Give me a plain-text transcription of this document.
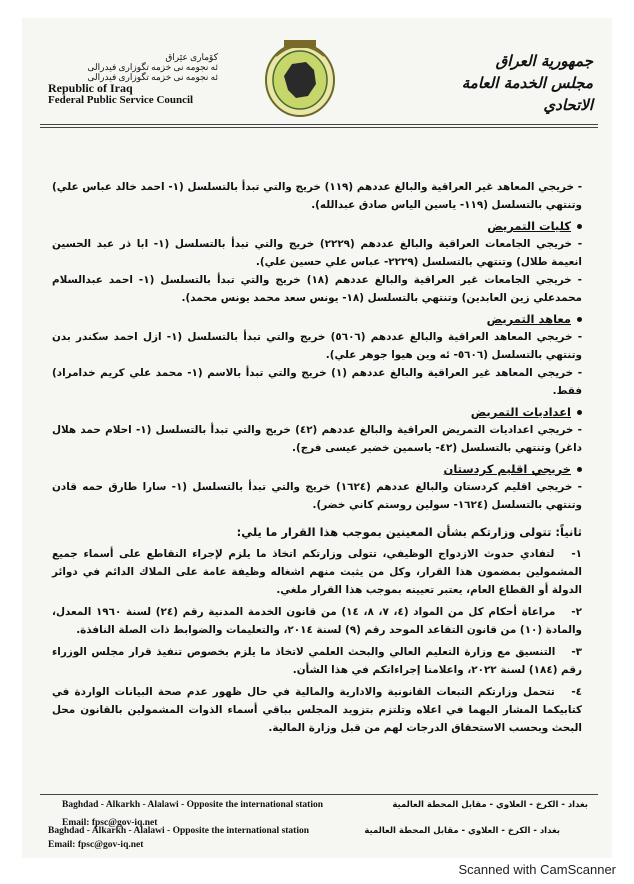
كۆمارى عێراق
ئه نجومه نى خزمه تگوزارى فیدرالی
ئه نجومه نى خزمه تگوزارى فیدرالی
Republic of Iraq
Federal Public Service Council
جمهورية العراق
مجلس الخدمة العامة الاتحادي

- خريجي المعاهد غير العراقية والبالغ عددهم (١١٩) خريج والتي تبدأ بالتسلسل (١- احمد خالد عباس علي) وتنتهي بالتسلسل (١١٩- ياسين الياس صادق عبدالله).

كليات التمريض

- خريجي الجامعات العراقية والبالغ عددهم (٢٢٢٩) خريج والتي تبدأ بالتسلسل (١- ابا ذر عبد الحسين انعيمة طلال) وتنتهي بالتسلسل (٢٢٢٩- عباس علي حسين علي).

- خريجي الجامعات غير العراقية والبالغ عددهم (١٨) خريج والتي تبدأ بالتسلسل (١- احمد عبدالسلام محمدعلي زين العابدين) وتنتهي بالتسلسل (١٨- يونس سعد محمد يونس محمد).

معاهد التمريض

- خريجي المعاهد العراقية والبالغ عددهم (٥٦٠٦) خريج والتي تبدأ بالتسلسل (١- ازل احمد سكندر بدن وتنتهي بالتسلسل (٥٦٠٦- ئه وين هيوا جوهر علي).

- خريجي المعاهد غير العراقية والبالغ عددهم (١) خريج والتي تبدأ بالاسم (١- محمد علي كريم خدامراد) فقط.

اعداديات التمريض

- خريجي اعداديات التمريض العراقية والبالغ عددهم (٤٢) خريج والتي تبدأ بالتسلسل (١- احلام حمد هلال داغر) وتنتهي بالتسلسل (٤٢- ياسمين خضير عيسى فرج).

خريجي اقليم كردستان

- خريجي اقليم كردستان والبالغ عددهم (١٦٢٤) خريج والتي تبدأ بالتسلسل (١- سارا طارق حمه قادن وتنتهي بالتسلسل (١٦٢٤- سولين روستم كاني خضر).

ثانياً: تتولى وزارتكم بشأن المعينين بموجب هذا القرار ما يلي:

١- لتفادي حدوث الازدواج الوظيفي، تتولى وزارتكم اتخاذ ما يلزم لإجراء التقاطع على أسماء جميع المشمولين بمضمون هذا القرار، وكل من يثبت منهم اشغاله وظيفة عامة على الملاك الدائم في دوائر الدولة أو القطاع العام، يعتبر تعيينه بموجب هذا القرار ملغي.

٢- مراعاة أحكام كل من المواد (٤، ٧، ٨، ١٤) من قانون الخدمة المدنية رقم (٢٤) لسنة ١٩٦٠ المعدل، والمادة (١٠) من قانون التقاعد الموحد رقم (٩) لسنة ٢٠١٤، والتعليمات والضوابط ذات الصلة النافذة.

٣- التنسيق مع وزارة التعليم العالي والبحث العلمي لاتخاذ ما يلزم بخصوص تنفيذ قرار مجلس الوزراء رقم (١٨٤) لسنة ٢٠٢٢، واعلامنا إجراءاتكم في هذا الشأن.

٤- تتحمل وزارتكم التبعات القانونية والادارية والمالية في حال ظهور عدم صحة البيانات الواردة في كتابيكما المشار اليهما في اعلاه وتلتزم بتزويد المجلس بباقي أسماء الذوات المشمولين بالقانون محل البحث وبحسب الاستحقاق الدرجات لهم من قبل وزارة المالية.

Baghdad - Alkarkh - Alalawi - Opposite the international station	بغداد - الكرخ - العلاوي - مقابل المحطة العالمية
Email: fpsc@gov-iq.net
Baghdad - Alkarkh - Alalawi - Opposite the international station	بغداد - الكرخ - العلاوي - مقابل المحطة العالمية
Email: fpsc@gov-iq.net
Scanned with CamScanner
